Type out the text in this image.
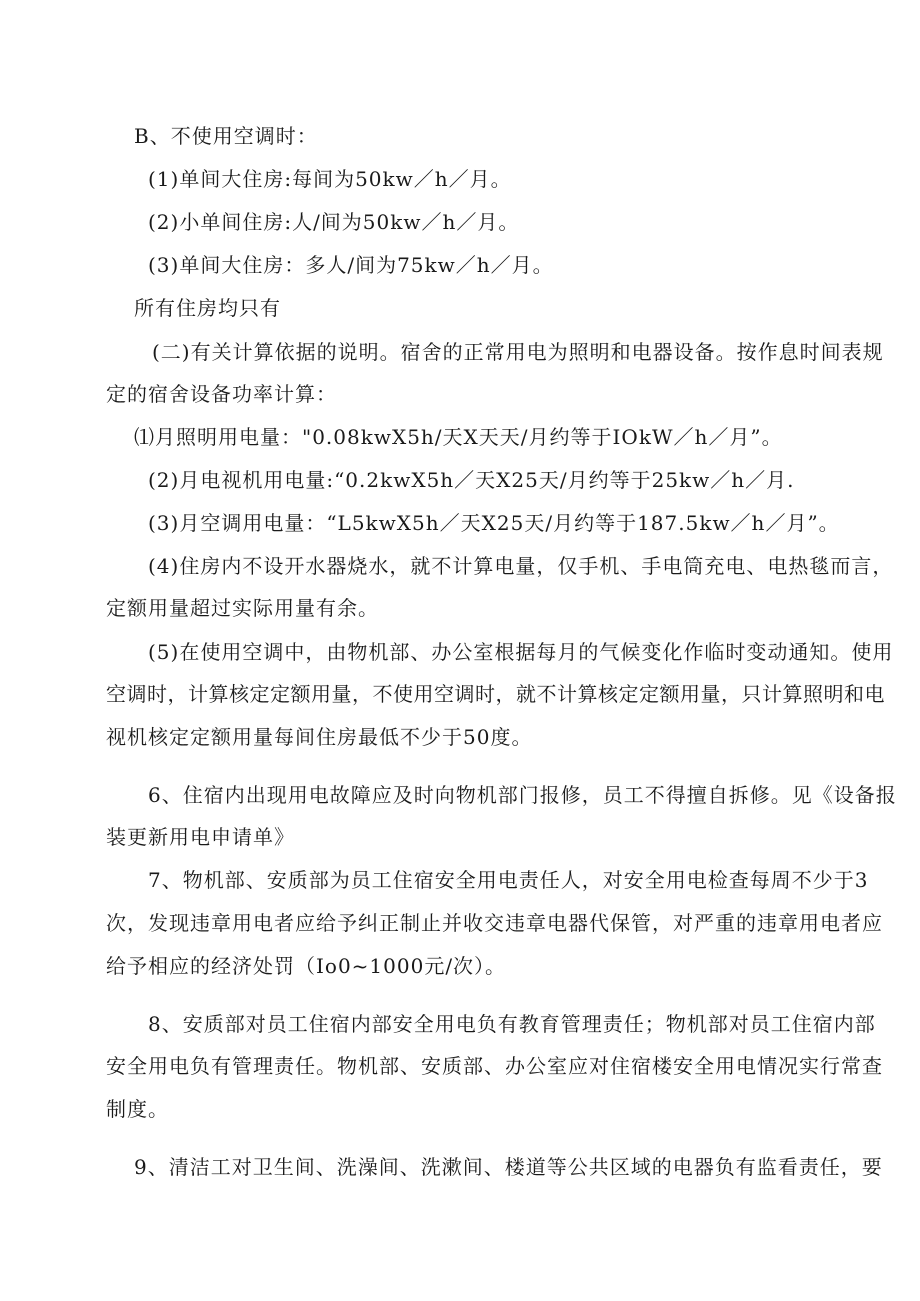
B、不使用空调时：
(1)单间大住房:每间为50kw／h／月。
(2)小单间住房:人/间为50kw／h／月。
(3)单间大住房：多人/间为75kw／h／月。
所有住房均只有
(二)有关计算依据的说明。宿舍的正常用电为照明和电器设备。按作息时间表规
定的宿舍设备功率计算：
⑴月照明用电量："0.08kwX5h/天X天天/月约等于IOkW／h／月”。
(2)月电视机用电量:“0.2kwX5h／天X25天/月约等于25kw／h／月.
(3)月空调用电量：“L5kwX5h／天X25天/月约等于187.5kw／h／月”。
(4)住房内不设开水器烧水，就不计算电量，仅手机、手电筒充电、电热毯而言，
定额用量超过实际用量有余。
(5)在使用空调中，由物机部、办公室根据每月的气候变化作临时变动通知。使用
空调时，计算核定定额用量，不使用空调时，就不计算核定定额用量，只计算照明和电
视机核定定额用量每间住房最低不少于50度。
6、住宿内出现用电故障应及时向物机部门报修，员工不得擅自拆修。见《设备报
装更新用电申请单》
7、物机部、安质部为员工住宿安全用电责任人，对安全用电检查每周不少于3
次，发现违章用电者应给予纠正制止并收交违章电器代保管，对严重的违章用电者应
给予相应的经济处罚（Io0~1000元/次）。
8、安质部对员工住宿内部安全用电负有教育管理责任；物机部对员工住宿内部
安全用电负有管理责任。物机部、安质部、办公室应对住宿楼安全用电情况实行常查
制度。
9、清洁工对卫生间、洗澡间、洗漱间、楼道等公共区域的电器负有监看责任，要
